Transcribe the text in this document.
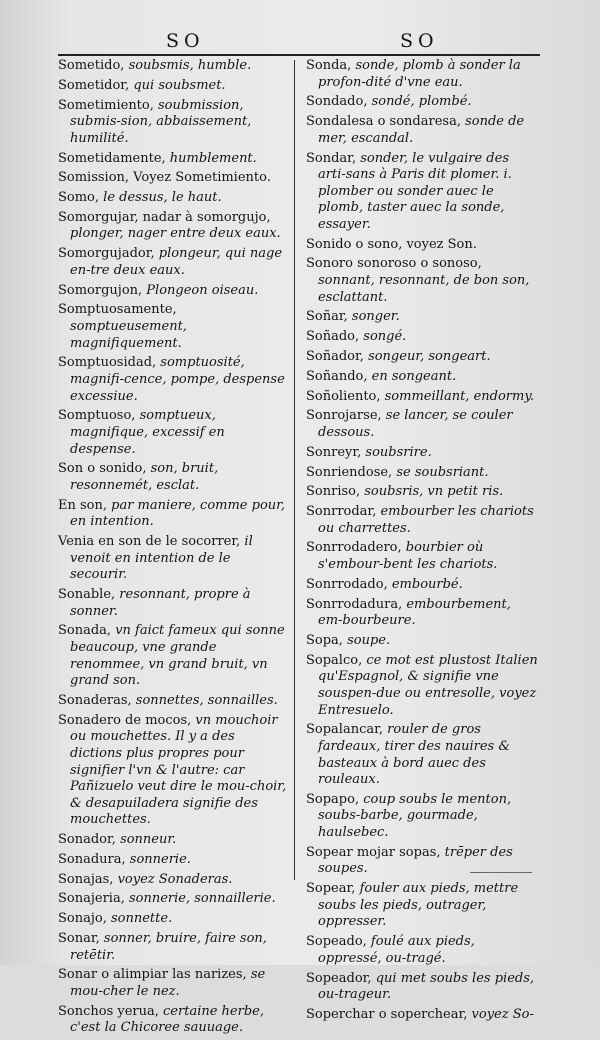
SO	SO

Sometido, soubsmis, humble.

Sometidor, qui soubsmet.

Sometimiento, soubmission, submis-sion, abbaissement, humilité.

Sometidamente, humblement.

Somission, Voyez Sometimiento.

Somo, le dessus, le haut.

Somorgujar, nadar à somorgujo, plonger, nager entre deux eaux.

Somorgujador, plongeur, qui nage en-tre deux eaux.

Somorgujon, Plongeon oiseau.

Somptuosamente, somptueusement, magnifiquement.

Somptuosidad, somptuosité, magnifi-cence, pompe, despense excessiue.

Somptuoso, somptueux, magnifique, excessif en despense.

Son o sonido, son, bruit, resonnemét, esclat.

En son, par maniere, comme pour, en intention.

Venia en son de le socorrer, il venoit en intention de le secourir.

Sonable, resonnant, propre à sonner.

Sonada, vn faict fameux qui sonne beaucoup, vne grande renommee, vn grand bruit, vn grand son.

Sonaderas, sonnettes, sonnailles.

Sonadero de mocos, vn mouchoir ou mouchettes. Il y a des dictions plus propres pour signifier l'vn & l'autre: car Pañizuelo veut dire le mou-choir, & desapuiladera signifie des mouchettes.

Sonador, sonneur.

Sonadura, sonnerie.

Sonajas, voyez Sonaderas.

Sonajeria, sonnerie, sonnaillerie.

Sonajo, sonnette.

Sonar, sonner, bruire, faire son, retētir.

Sonar o alimpiar las narizes, se mou-cher le nez.

Sonchos yerua, certaine herbe, c'est la Chicoree sauuage.

Sonda, sonde, plomb à sonder la profon-dité d'vne eau.

Sondado, sondé, plombé.

Sondalesa o sondaresa, sonde de mer, escandal.

Sondar, sonder, le vulgaire des arti-sans à Paris dit plomer. i. plomber ou sonder auec le plomb, taster auec la sonde, essayer.

Sonido o sono, voyez Son.

Sonoro sonoroso o sonoso, sonnant, resonnant, de bon son, esclattant.

Soñar, songer.

Soñado, songé.

Soñador, songeur, songeart.

Soñando, en songeant.

Soñoliento, sommeillant, endormy.

Sonrojarse, se lancer, se couler dessous.

Sonreyr, soubsrire.

Sonriendose, se soubsriant.

Sonriso, soubsris, vn petit ris.

Sonrrodar, embourber les chariots ou charrettes.

Sonrrodadero, bourbier où s'embour-bent les chariots.

Sonrrodado, embourbé.

Sonrrodadura, embourbement, em-bourbeure.

Sopa, soupe.

Sopalco, ce mot est plustost Italien qu'Espagnol, & signifie vne souspen-due ou entresolle, voyez Entresuelo.

Sopalancar, rouler de gros fardeaux, tirer des nauires & basteaux à bord auec des rouleaux.

Sopapo, coup soubs le menton, soubs-barbe, gourmade, haulsebec.

Sopear mojar sopas, trēper des soupes.

Sopear, fouler aux pieds, mettre soubs les pieds, outrager, oppresser.

Sopeado, foulé aux pieds, oppressé, ou-tragé.

Sopeador, qui met soubs les pieds, ou-trageur.

Soperchar o soperchear, voyez So-
